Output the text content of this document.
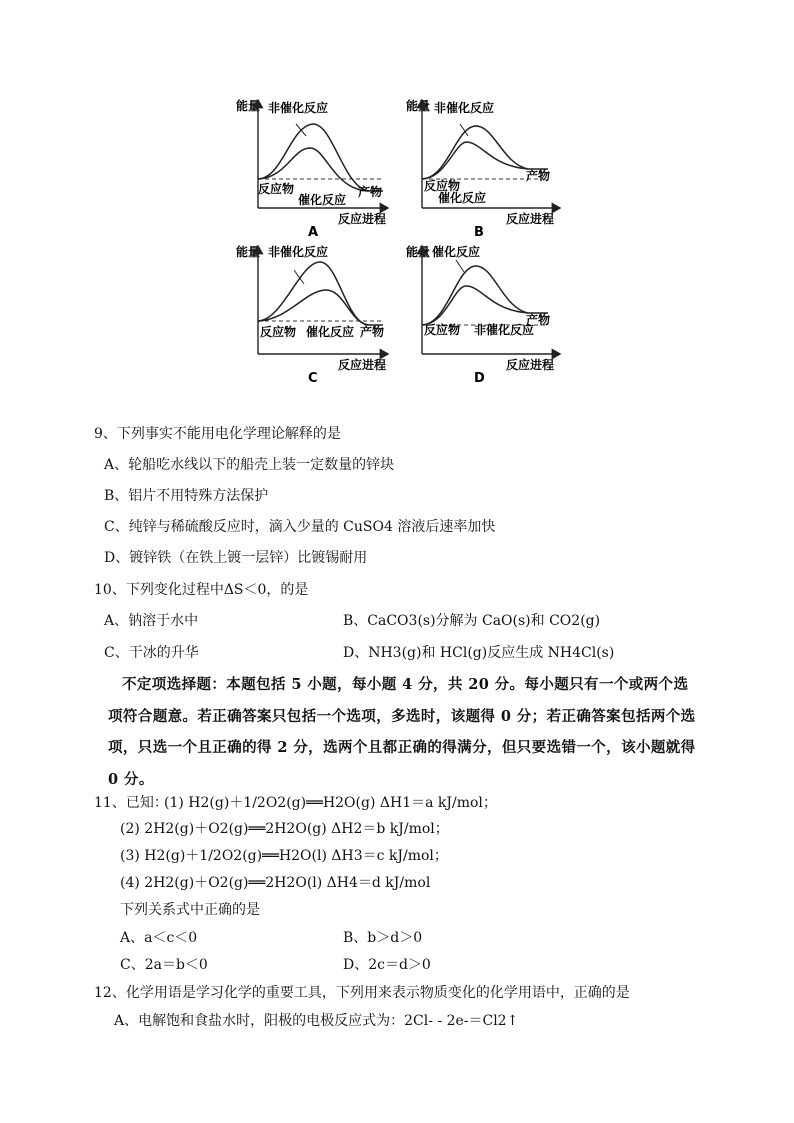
能量 非催化反应
反应物
催化反应
产物
反应进程
A
能量 非催化反应
反应物
催化反应
产物
反应进程
B
能量 非催化反应
反应物 催化反应 产物
反应进程
C
能量 催化反应
反应物 非催化反应
产物
反应进程
D
9、下列事实不能用电化学理论解释的是
A、轮船吃水线以下的船壳上装一定数量的锌块
B、铝片不用特殊方法保护
C、纯锌与稀硫酸反应时，滴入少量的 CuSO4 溶液后速率加快
D、镀锌铁（在铁上镀一层锌）比镀锡耐用
10、下列变化过程中ΔS＜0，的是
A、钠溶于水中	B、CaCO3(s)分解为 CaO(s)和 CO2(g)
C、干冰的升华	D、NH3(g)和 HCl(g)反应生成 NH4Cl(s)
不定项选择题：本题包括 5 小题，每小题 4 分，共 20 分。每小题只有一个或两个选项符合题意。若正确答案只包括一个选项，多选时，该题得 0 分；若正确答案包括两个选项，只选一个且正确的得 2 分，选两个且都正确的得满分，但只要选错一个，该小题就得 0 分。
11、已知：
(1) H2(g)＋1/2O2(g)══H2O(g) ΔH1＝a kJ/mol；
(2) 2H2(g)＋O2(g)══2H2O(g) ΔH2＝b kJ/mol；
(3) H2(g)＋1/2O2(g)══H2O(l) ΔH3＝c kJ/mol；
(4) 2H2(g)＋O2(g)══2H2O(l) ΔH4＝d kJ/mol
下列关系式中正确的是
A、a＜c＜0	B、b＞d＞0
C、2a＝b＜0	D、2c＝d＞0
12、化学用语是学习化学的重要工具，下列用来表示物质变化的化学用语中，正确的是
A、电解饱和食盐水时，阳极的电极反应式为：2Cl- - 2e-＝Cl2↑
